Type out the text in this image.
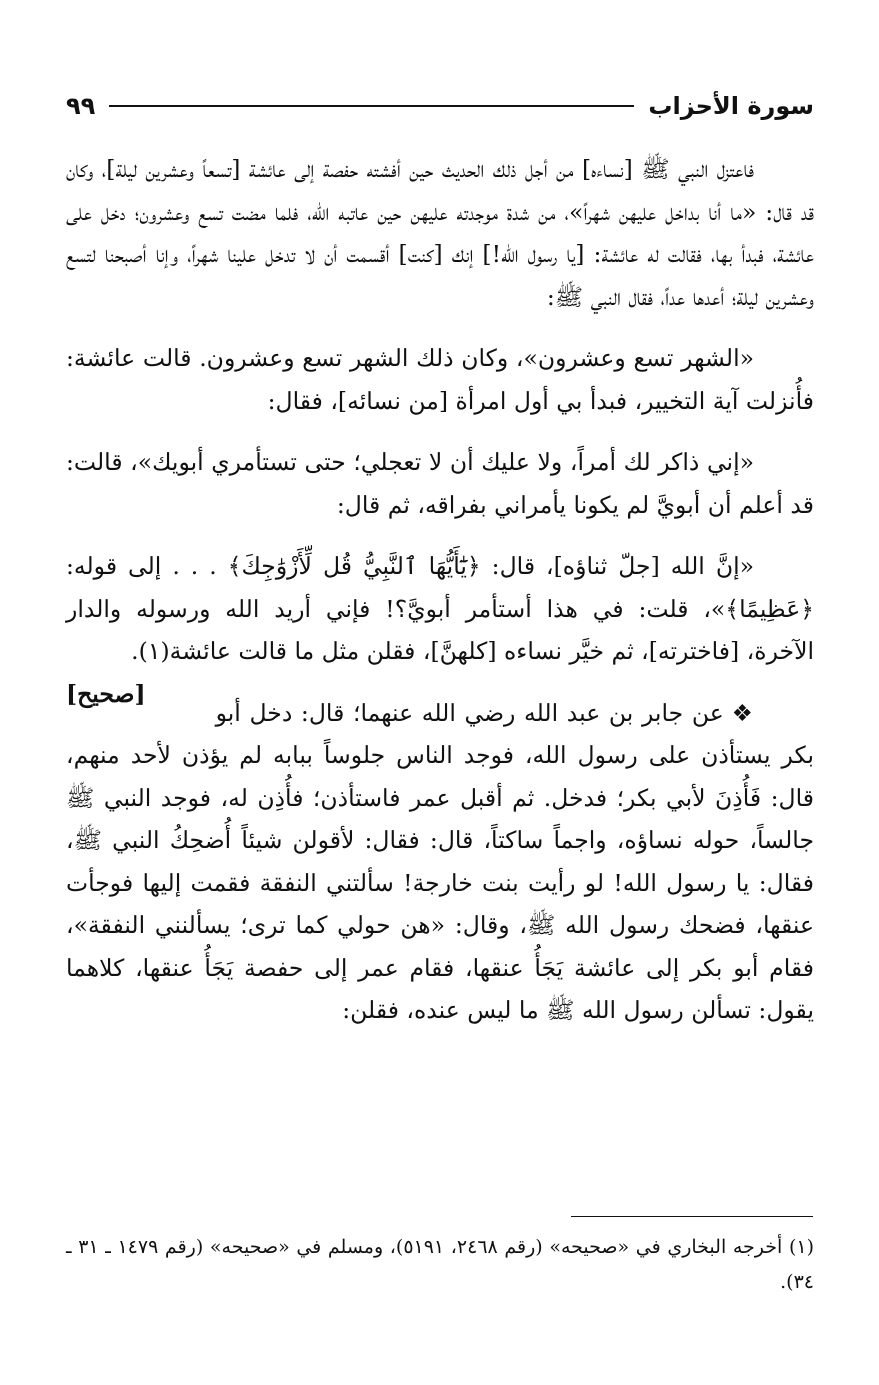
سورة الأحزاب
٩٩

فاعتزل النبي ﷺ [نساءه] من أجل ذلك الحديث حين أفشته حفصة إلى عائشة [تسعاً وعشرين ليلة]، وكان قد قال: «ما أنا بداخل عليهن شهراً»، من شدة موجدته عليهن حين عاتبه الله، فلما مضت تسع وعشرون؛ دخل على عائشة، فبدأ بها، فقالت له عائشة: [يا رسول الله!] إنك [كنت] أقسمت أن لا تدخل علينا شهراً، وإنا أصبحنا لتسع وعشرين ليلة؛ أعدها عداً، فقال النبي ﷺ:

«الشهر تسع وعشرون»، وكان ذلك الشهر تسع وعشرون. قالت عائشة: فأُنزلت آية التخيير، فبدأ بي أول امرأة [من نسائه]، فقال:

«إني ذاكر لك أمراً، ولا عليك أن لا تعجلي؛ حتى تستأمري أبويك»، قالت: قد أعلم أن أبويَّ لم يكونا يأمراني بفراقه، ثم قال:

«إنَّ الله [جلّ ثناؤه]، قال: ﴿يَٰٓأَيُّهَا ٱلنَّبِيُّ قُل لِّأَزْوَٰجِكَ﴾ . . . إلى قوله: ﴿عَظِيمًا﴾»، قلت: في هذا أستأمر أبويَّ؟! فإني أريد الله ورسوله والدار الآخرة، [فاخترته]، ثم خيَّر نساءه [كلهنَّ]، فقلن مثل ما قالت عائشة(١).
[صحيح]

❖عن جابر بن عبد الله رضي الله عنهما؛ قال: دخل أبو بكر يستأذن على رسول الله، فوجد الناس جلوساً ببابه لم يؤذن لأحد منهم، قال: فَأُذِنَ لأبي بكر؛ فدخل. ثم أقبل عمر فاستأذن؛ فأُذِن له، فوجد النبي ﷺ جالساً، حوله نساؤه، واجماً ساكتاً، قال: فقال: لأقولن شيئاً أُضحِكُ النبي ﷺ، فقال: يا رسول الله! لو رأيت بنت خارجة! سألتني النفقة فقمت إليها فوجأت عنقها، فضحك رسول الله ﷺ، وقال: «هن حولي كما ترى؛ يسألنني النفقة»، فقام أبو بكر إلى عائشة يَجَأُ عنقها، فقام عمر إلى حفصة يَجَأُ عنقها، كلاهما يقول: تسألن رسول الله ﷺ ما ليس عنده، فقلن:

(١) أخرجه البخاري في «صحيحه» (رقم ٢٤٦٨، ٥١٩١)، ومسلم في «صحيحه» (رقم ١٤٧٩ ـ ٣١ ـ ٣٤).
